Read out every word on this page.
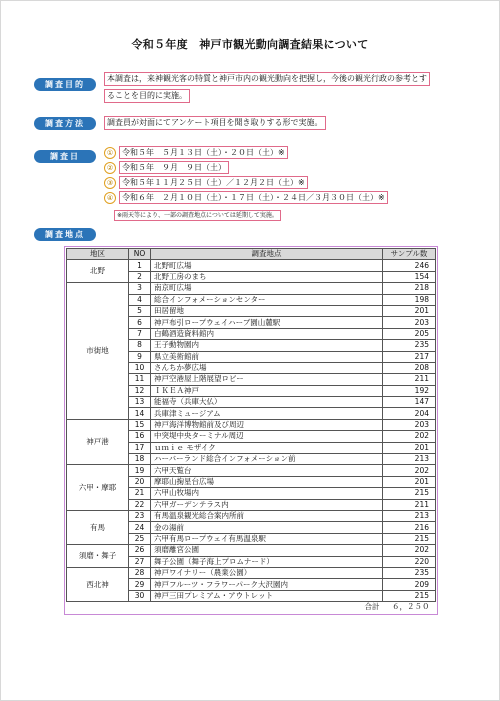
令和５年度　神戸市観光動向調査結果について
調査目的
本調査は，来神観光客の特質と神戸市内の観光動向を把握し，今後の観光行政の参考とす
ることを目的に実施。
調査方法	調査員が対面にてアンケート項目を聞き取りする形で実施。
調査日	①	令和５年　５月１３日（土）・２０日（土）※
②	令和５年　９月　９日（土）
③	令和５年１１月２５日（土）／１２月２日（土）※
④	令和６年　２月１０日（土）・１７日（土）・２４日／３月３０日（土）※
※雨天等により、一部の調査地点については延期して実施。
調査地点
地区	NO	調査地点	サンプル数
北野	1	北野町広場	246
	2	北野工房のまち	154
市街地	3	南京町広場	218
	4	総合インフォメーションセンター	198
	5	田居留地	201
	6	神戸布引ロープウェイハーブ園山麓駅	203
	7	白鶴酒造資料館内	205
	8	王子動物園内	235
	9	県立美術館前	217
	10	さんちか夢広場	208
	11	神戸空港屋上階展望ロビー	211
	12	ＩＫＥＡ神戸	192
	13	能福寺（兵庫大仏）	147
	14	兵庫津ミュージアム	204
神戸港	15	神戸海洋博物館前及び周辺	203
	16	中突堤中央ターミナル周辺	202
	17	ｕｍｉｅ モザイク	201
	18	ハーバーランド総合インフォメーション前	213
六甲・摩耶	19	六甲天覧台	202
	20	摩耶山掬星台広場	201
	21	六甲山牧場内	215
	22	六甲ガーデンテラス内	211
有馬	23	有馬温泉観光総合案内所前	213
	24	金の湯前	216
	25	六甲有馬ロープウェイ有馬温泉駅	215
須磨・舞子	26	須磨離宮公園	202
	27	舞子公園（舞子海上プロムナード）	220
西北神	28	神戸ワイナリー（農業公園）	235
	29	神戸フルーツ・フラワーパーク大沢園内	209
	30	神戸三田プレミアム・アウトレット	215
合計			６，２５０
